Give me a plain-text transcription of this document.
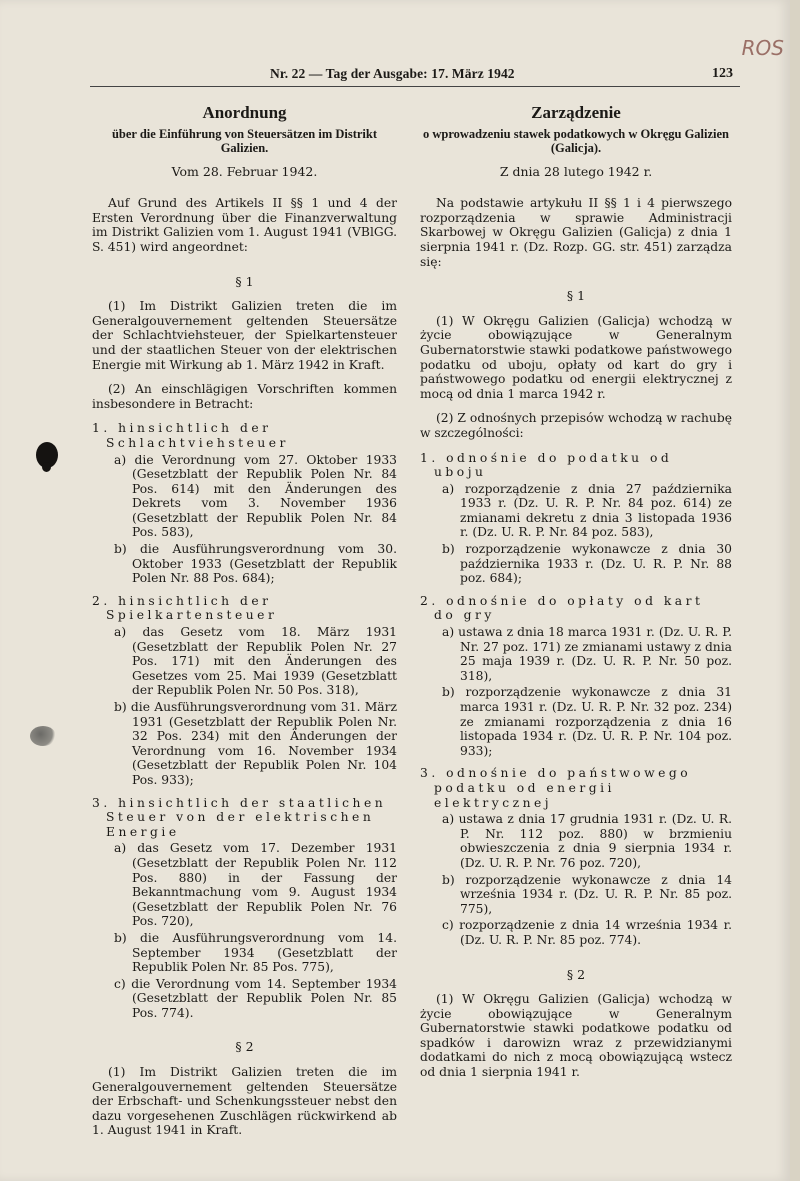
ROS
Nr. 22 — Tag der Ausgabe: 17. März 1942	123
Anordnung
über die Einführung von Steuersätzen im Distrikt Galizien.
Vom 28. Februar 1942.
Auf Grund des Artikels II §§ 1 und 4 der Ersten Verordnung über die Finanzverwaltung im Distrikt Galizien vom 1. August 1941 (VBlGG. S. 451) wird angeordnet:
§ 1
(1) Im Distrikt Galizien treten die im Generalgouvernement geltenden Steuersätze der Schlachtviehsteuer, der Spielkartensteuer und der staatlichen Steuer von der elektrischen Energie mit Wirkung ab 1. März 1942 in Kraft.
(2) An einschlägigen Vorschriften kommen insbesondere in Betracht:
1. hinsichtlich der Schlachtviehsteuer
a) die Verordnung vom 27. Oktober 1933 (Gesetzblatt der Republik Polen Nr. 84 Pos. 614) mit den Änderungen des Dekrets vom 3. November 1936 (Gesetzblatt der Republik Polen Nr. 84 Pos. 583),
b) die Ausführungsverordnung vom 30. Oktober 1933 (Gesetzblatt der Republik Polen Nr. 88 Pos. 684);
2. hinsichtlich der Spielkartensteuer
a) das Gesetz vom 18. März 1931 (Gesetzblatt der Republik Polen Nr. 27 Pos. 171) mit den Änderungen des Gesetzes vom 25. Mai 1939 (Gesetzblatt der Republik Polen Nr. 50 Pos. 318),
b) die Ausführungsverordnung vom 31. März 1931 (Gesetzblatt der Republik Polen Nr. 32 Pos. 234) mit den Änderungen der Verordnung vom 16. November 1934 (Gesetzblatt der Republik Polen Nr. 104 Pos. 933);
3. hinsichtlich der staatlichen Steuer von der elektrischen Energie
a) das Gesetz vom 17. Dezember 1931 (Gesetzblatt der Republik Polen Nr. 112 Pos. 880) in der Fassung der Bekanntmachung vom 9. August 1934 (Gesetzblatt der Republik Polen Nr. 76 Pos. 720),
b) die Ausführungsverordnung vom 14. September 1934 (Gesetzblatt der Republik Polen Nr. 85 Pos. 775),
c) die Verordnung vom 14. September 1934 (Gesetzblatt der Republik Polen Nr. 85 Pos. 774).
§ 2
(1) Im Distrikt Galizien treten die im Generalgouvernement geltenden Steuersätze der Erbschaft- und Schenkungssteuer nebst den dazu vorgesehenen Zuschlägen rückwirkend ab 1. August 1941 in Kraft.
Zarządzenie
o wprowadzeniu stawek podatkowych w Okręgu Galizien (Galicja).
Z dnia 28 lutego 1942 r.
Na podstawie artykułu II §§ 1 i 4 pierwszego rozporządzenia w sprawie Administracji Skarbowej w Okręgu Galizien (Galicja) z dnia 1 sierpnia 1941 r. (Dz. Rozp. GG. str. 451) zarządza się:
§ 1
(1) W Okręgu Galizien (Galicja) wchodzą w życie obowiązujące w Generalnym Gubernatorstwie stawki podatkowe państwowego podatku od uboju, opłaty od kart do gry i państwowego podatku od energii elektrycznej z mocą od dnia 1 marca 1942 r.
(2) Z odnośnych przepisów wchodzą w rachubę w szczególności:
1. odnośnie do podatku od uboju
a) rozporządzenie z dnia 27 października 1933 r. (Dz. U. R. P. Nr. 84 poz. 614) ze zmianami dekretu z dnia 3 listopada 1936 r. (Dz. U. R. P. Nr. 84 poz. 583),
b) rozporządzenie wykonawcze z dnia 30 października 1933 r. (Dz. U. R. P. Nr. 88 poz. 684);
2. odnośnie do opłaty od kart do gry
a) ustawa z dnia 18 marca 1931 r. (Dz. U. R. P. Nr. 27 poz. 171) ze zmianami ustawy z dnia 25 maja 1939 r. (Dz. U. R. P. Nr. 50 poz. 318),
b) rozporządzenie wykonawcze z dnia 31 marca 1931 r. (Dz. U. R. P. Nr. 32 poz. 234) ze zmianami rozporządzenia z dnia 16 listopada 1934 r. (Dz. U. R. P. Nr. 104 poz. 933);
3. odnośnie do państwowego podatku od energii elektrycznej
a) ustawa z dnia 17 grudnia 1931 r. (Dz. U. R. P. Nr. 112 poz. 880) w brzmieniu obwieszczenia z dnia 9 sierpnia 1934 r. (Dz. U. R. P. Nr. 76 poz. 720),
b) rozporządzenie wykonawcze z dnia 14 września 1934 r. (Dz. U. R. P. Nr. 85 poz. 775),
c) rozporządzenie z dnia 14 września 1934 r. (Dz. U. R. P. Nr. 85 poz. 774).
§ 2
(1) W Okręgu Galizien (Galicja) wchodzą w życie obowiązujące w Generalnym Gubernatorstwie stawki podatkowe podatku od spadków i darowizn wraz z przewidzianymi dodatkami do nich z mocą obowiązującą wstecz od dnia 1 sierpnia 1941 r.
